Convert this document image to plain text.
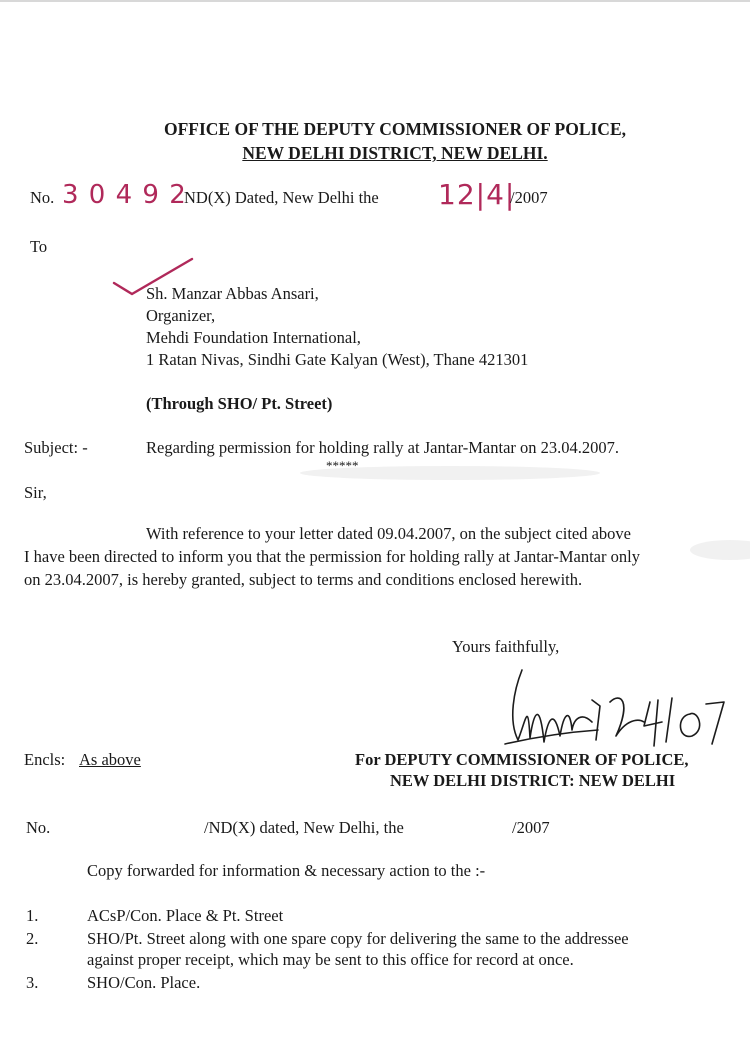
OFFICE OF THE DEPUTY COMMISSIONER OF POLICE,
NEW DELHI DISTRICT, NEW DELHI.
No. 3 0 4 9 2
ND(X) Dated, New Delhi the 12|4|
/2007
To
Sh. Manzar Abbas Ansari,
Organizer,
Mehdi Foundation International,
1 Ratan Nivas, Sindhi Gate Kalyan (West), Thane 421301
(Through SHO/ Pt. Street)
Subject: -	Regarding permission for holding rally at Jantar-Mantar on 23.04.2007.
*****
Sir,
With reference to your letter dated 09.04.2007, on the subject cited above
I have been directed to inform you that the permission for holding rally at Jantar-Mantar only
on 23.04.2007, is hereby granted, subject to terms and conditions enclosed herewith.
Yours faithfully,
Encls: As above	For DEPUTY COMMISSIONER OF POLICE,
NEW DELHI DISTRICT: NEW DELHI
No.	/ND(X) dated, New Delhi, the	/2007
Copy forwarded for information & necessary action to the :-
1.	ACsP/Con. Place & Pt. Street
2.	SHO/Pt. Street along with one spare copy for delivering the same to the addressee
against proper receipt, which may be sent to this office for record at once.
3.	SHO/Con. Place.
